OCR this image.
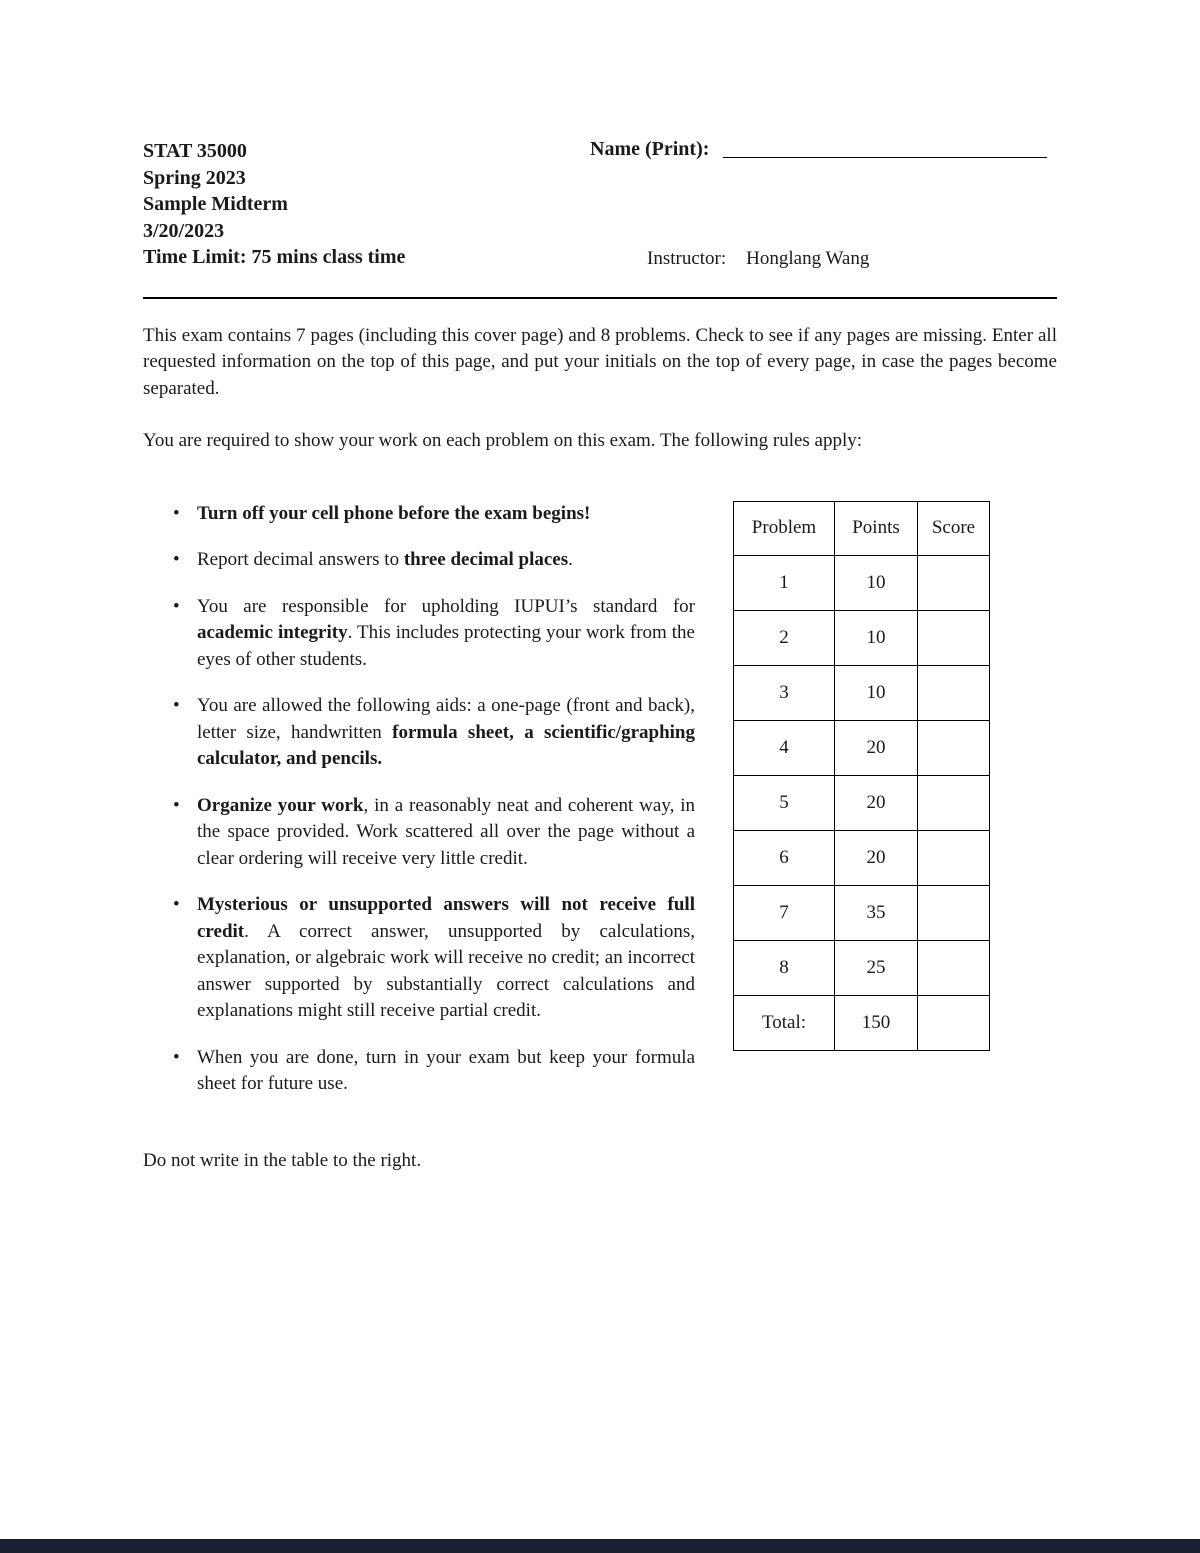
STAT 35000
Spring 2023
Sample Midterm
3/20/2023
Time Limit: 75 mins class time
Name (Print):
Instructor: Honglang Wang

This exam contains 7 pages (including this cover page) and 8 problems. Check to see if any pages are missing. Enter all requested information on the top of this page, and put your initials on the top of every page, in case the pages become separated.

You are required to show your work on each problem on this exam. The following rules apply:

• Turn off your cell phone before the exam begins!
• Report decimal answers to three decimal places.
• You are responsible for upholding IUPUI’s standard for academic integrity. This includes protecting your work from the eyes of other students.
• You are allowed the following aids: a one-page (front and back), letter size, handwritten formula sheet, a scientific/graphing calculator, and pencils.
• Organize your work, in a reasonably neat and coherent way, in the space provided. Work scattered all over the page without a clear ordering will receive very little credit.
• Mysterious or unsupported answers will not receive full credit. A correct answer, unsupported by calculations, explanation, or algebraic work will receive no credit; an incorrect answer supported by substantially correct calculations and explanations might still receive partial credit.
• When you are done, turn in your exam but keep your formula sheet for future use.
Problem	Points	Score
1	10	
2	10	
3	10	
4	20	
5	20	
6	20	
7	35	
8	25	
Total:	150	

Do not write in the table to the right.
